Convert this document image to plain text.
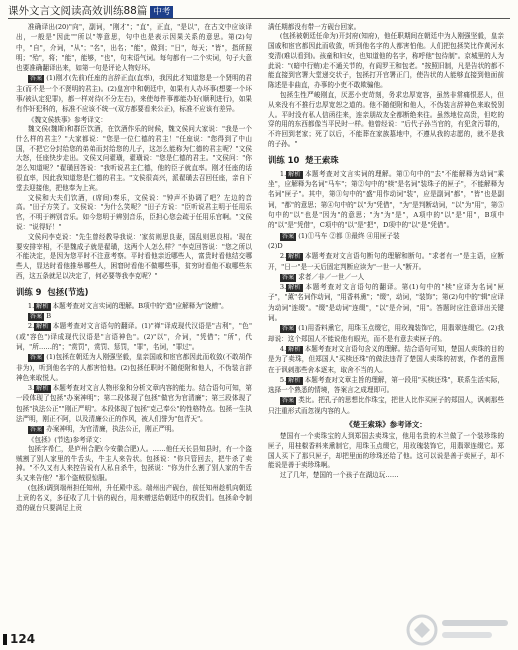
课外文言文阅读高效训练88篇 中考

准确译出(20)"向"，副词，"刚才"；"直"，正直，"是以"，在古文中应该译出，一般是"因此""所以"等意思，句中也是表示因果关系的意思。第(2)句中，"自"，介词，"从"；"名"，出名；"能"，做到；"日"，每天；"皆"，指所照明；"殆"，将；"能"，能够，"也"，句末语气词。每句都有一二个实词，句子大意也要准确翻译出来，如第一句是评论人物好坏。

答案 (1)刚才(先前)任座的言辞正直(直率)，我因此才知道您是一个贤明的君主(而不是一个不贤明的君主)。(2)皇宫中和朝廷中，如果有人办坏事(想要一个坏事/被认定犯罪)，都一样对待(不分左右)，来使每件事都能办好(顺利进行)，如果有作奸犯科的，标准不应该不统一(双方都要看来公正)，标准不应该有差异。

《魏文侯轶事》参考译文：

魏文侯(魏斯)和群臣饮酒，在饮酒作乐的时候，魏文侯问大家说："我是一个什么样的君主？"大家都说："您是一位仁德的君主！"任座说："您得到了中山国，不把它分封给您的弟弟而封给您的儿子，这怎么能称为仁德的君主呢？"文侯大怒，任座快步走出。文侯又问翟璜，翟璜说："您是仁德的君主。"文侯问："你怎么知道呢？"翟璜回答说："我听说君主仁德，他的臣子就直率。刚才任座的话很直率，因此我知道您是仁德的君主。"文侯很高兴，派翟璜去召回任座，亲自下堂去迎接他，把他奉为上宾。

文侯和大夫们饮酒，(席间)奏乐，文侯说："钟声不协调了吧？左边的音高。"田子方笑了。文侯说："为什么笑呢？"田子方说："臣听说君主明于任用乐官，不明于辨别音乐。如今您明于辨别音乐，臣担心您会疏于任用乐官啊。"文侯说："说得好！"

文侯问李克说："先生曾经教导我说：'家贫则思良妻，国乱则思良相。'现在要安排宰相，不是魏成子就是翟璜，这两个人怎么样？"李克回答说："您之所以不能决定，是因为您平时不注意考察。平时看他亲近哪些人，富贵时看他结交哪些人，显达时看他推举哪些人，困窘时看他不做哪些事，贫穷时看他不取哪些东西，这五条就足以决定了，何必要等我李克呢？"

训练 9 包拯(节选)

1. 解析 本题考查对文言实词的理解。B项中的"造"应解释为"饶赠"。

答案 B

2. 解析 本题考查对文言语句的翻译。(1)"禅"译成现代汉语是"吉利"，"色"(或"容色")译成现代汉语是"言语神色"。(2)"以"，介词，"凭借"；"所"，代词，"所……的"；"赏罚"，赏罚、惩罚，"罪"，名词，"罪过"。

答案 (1)包拯在朝廷为人刚强坚毅，皇亲国戚和宦官都因此而收敛(不敢胡作非为)，听到他名字的人都害怕他。(2)包拯任职时不随便附和他人，不伪装言辞神色来取悦人。

3. 解析 本题考查对文言人物形象和分析文章内容的能力。结合语句可知，第一段体现了包拯"办案神明"；第二段体现了包拯"做官为官清廉"；第三段体现了包拯"执法公正""刚正严明"。本段体现了包拯"克己奉公"的性格特点。包拯一生执法严明，刚正不阿，以及清廉公正的作风，被人们誉为"包青天"。

答案 办案神明，为官清廉，执法公正，刚正严明。

《包拯》(节选)参考译文：

包拯字希仁，是庐州合肥(今安徽合肥)人。……他任天长县知县时，有一个盗贼割了别人家里的牛舌头，牛主人来告状。包拯说："你只管回去，把牛杀了卖掉。"不久又有人来控告说有人私自杀牛，包拯说："你为什么割了别人家的牛舌头又来告他？"那个盗贼很惊服。

(包拯)调到端州担任知州，升任殿中丞。端州出产砚台，前任知州趁机向朝廷上贡的名义，多征收了几十倍的砚台，用来赠送给朝廷中的权贵们。包拯命令制造的砚台只要满足上贡

满任期都没有带一方砚台回家。

(包拯被朝廷任命为)开封府(知府)，他任职期间在朝廷中为人刚强坚毅，皇亲国戚和宦官都因此而收敛，听到他名字的人都害怕他。人们把包拯笑比作黄河水变清(难以看到)。孩童和妇女，也知道他的名字，称呼他"包待制"。京城里的人为此说："(暗中行贿)走不通关节的，有阎罗王和包老。"按照旧制，凡是告状的都不能直接到官署大堂递交状子，包拯打开官署正门，使告状的人能够直接到他面前陈述是非曲直，办事的小吏不敢欺骗他。

包拯生性严峻刚直，厌恶小吏苛刻，务求忠厚宽容，虽然非常痛恨恶人，但从来没有不推行忠厚宽恕之道的。他不随便附和他人，不伪装言辞神色来取悦别人。平时没有私人信函往来，连亲朋故友全都断绝来往。虽然地位高贵，但吃的穿的用的东西都像当平民时一样。他曾经说："后代子孙当官的，有犯贪污罪的，不许回到老家；死了以后，不能葬在家族墓地中，不遵从我的志愿的，就不是我的子孙。"

训练 10 楚王索珠

1. 解析 本题考查对文言实词的理解。第①句中的"去"不能解释为动词"乘坐"，应解释为名词"马车"；第②句中的"椟"是名词"装珠子的匣子"，不能解释为名词"匣子"。其中，第③句中的"盛"用作动词"装"，应是副词"都"，"皆"也是副词，"都"的意思；第④句中的"以"为"凭借"，"为"是判断动词，"以"为"用"，第⑤句中的"以"也是"因为"的意思；"为"为"是"，A项中的"以"是"用"，B项中的"以"是"凭借"，C项中的"以"是"把"，D项中的"以"是"凭借"。

答案 (1)①马车 ②都 ③最终 ④用匣子装

(2)D

2. 解析 本题考查对文言语句断句的理解和断句。"求者有一"是主语，应断开，"日一"是一天后固定判断应读为"一世一人"断开。

答案 求者／非／一世／一人

3. 解析 本题考查对文言语句的翻译。第(1)句中的"椟"应译为名词"匣子"，"薰"名词作动词，"用香料熏"；"缀"，动词，"装饰"；第(2)句中的"辑"应译为动词"连缀"。"缀"是动词"连缀"，"以"是介词，"用"。答题时应注意译出关键词。

答案 (1)用香料熏它，用珠玉点缀它，用玫瑰装饰它，用翡翠连缀它。(2)我却说：这个郑国人不能说他有眼光，而不是有意去卖匣子的。

4. 解析 本题考查对文言语句含义的理解。结合语句可知，楚国人卖珠的目的是为了卖珠，但郑国人"买椟还珠"的做法违背了楚国人卖珠的初衷，作者的意图在于讽刺那些舍本逐末，取舍不当的人。

5. 解析 本题考查对文章主旨的理解，第一段用"买椟还珠"，联系生活实际，选择一个熟悉的情境，答案言之成理即可。

答案 类比。把孔子的思想比作珠宝，把世人比作买匣子的郑国人，讽刺那些只注重形式而忽视内容的人。

《楚王索珠》参考译文：

楚国有一个卖珠宝的人到郑国去卖珠宝，他用名贵的木兰做了一个装珍珠的匣子，用桂椒香料来熏制它，用珠玉点缀它，用玫瑰装饰它，用翡翠连缀它。郑国人买下了那只匣子，却把里面的珍珠还给了他。这可以说是善于卖匣子，却不能说是善于卖珍珠啊。

过了几年，楚国的一个孩子在湖边玩……

124
